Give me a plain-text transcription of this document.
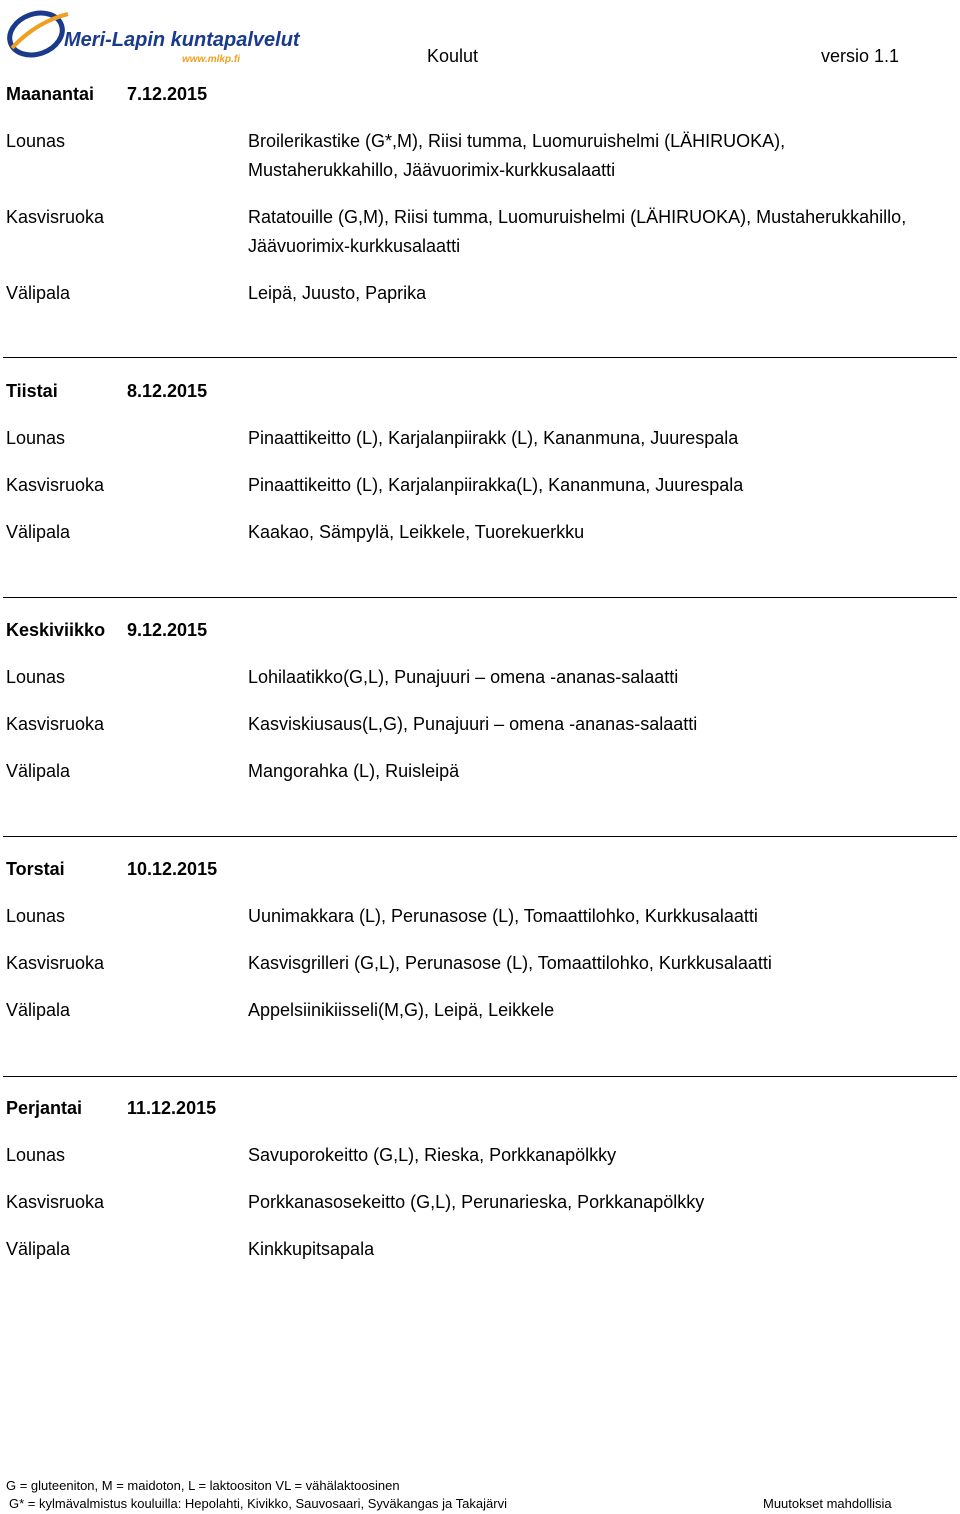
Meri-Lapin kuntapalvelut
www.mlkp.fi	Koulut	versio 1.1
Maanantai 7.12.2015
Lounas	Broilerikastike (G*,M), Riisi tumma, Luomuruishelmi (LÄHIRUOKA), Mustaherukkahillo, Jäävuorimix-kurkkusalaatti
Kasvisruoka	Ratatouille (G,M), Riisi tumma, Luomuruishelmi (LÄHIRUOKA), Mustaherukkahillo, Jäävuorimix-kurkkusalaatti
Välipala	Leipä, Juusto, Paprika
Tiistai	8.12.2015
Lounas	Pinaattikeitto (L), Karjalanpiirakk (L), Kananmuna, Juurespala
Kasvisruoka	Pinaattikeitto (L), Karjalanpiirakka(L), Kananmuna, Juurespala
Välipala	Kaakao, Sämpylä, Leikkele, Tuorekuerkku
Keskiviikko 9.12.2015
Lounas	Lohilaatikko(G,L), Punajuuri – omena -ananas-salaatti
Kasvisruoka	Kasviskiusaus(L,G), Punajuuri – omena -ananas-salaatti
Välipala	Mangorahka (L), Ruisleipä
Torstai	10.12.2015
Lounas	Uunimakkara (L), Perunasose (L), Tomaattilohko, Kurkkusalaatti
Kasvisruoka	Kasvisgrilleri (G,L), Perunasose (L), Tomaattilohko, Kurkkusalaatti
Välipala	Appelsiinikiisseli(M,G), Leipä, Leikkele
Perjantai 11.12.2015
Lounas	Savuporokeitto (G,L), Rieska, Porkkanapölkky
Kasvisruoka	Porkkanasosekeitto (G,L), Perunarieska, Porkkanapölkky
Välipala	Kinkkupitsapala
G = gluteeniton, M = maidoton, L = laktoositon VL = vähälaktoosinen
G* = kylmävalmistus kouluilla: Hepolahti, Kivikko, Sauvosaari, Syväkangas ja Takajärvi	Muutokset mahdollisia
